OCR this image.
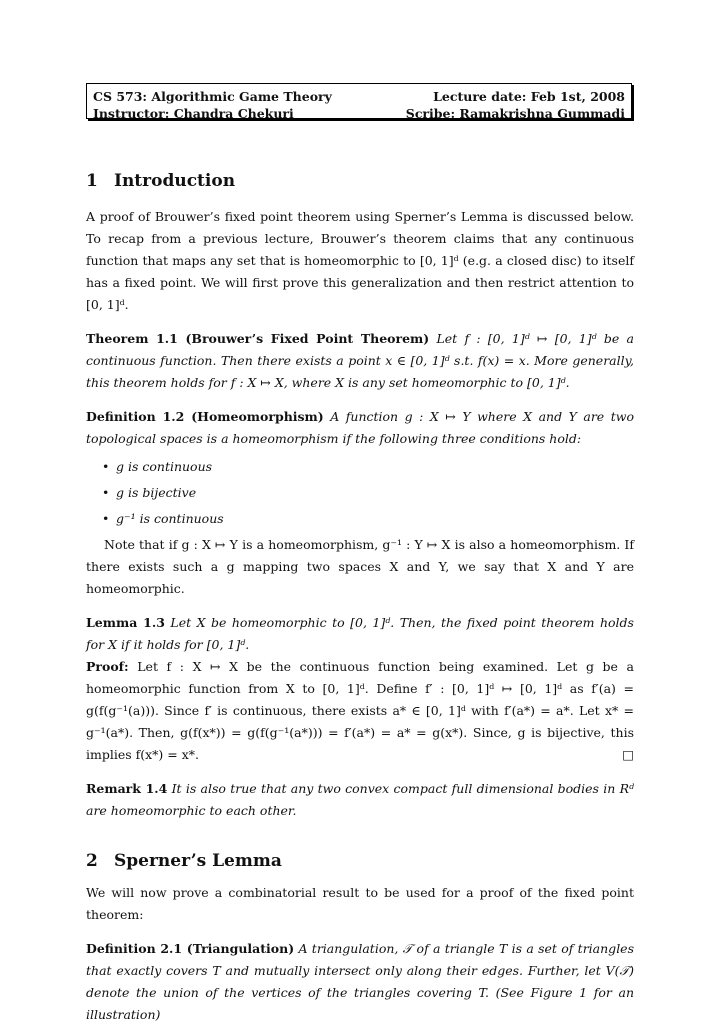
CS 573: Algorithmic Game Theory	Lecture date: Feb 1st, 2008
Instructor: Chandra Chekuri	Scribe: Ramakrishna Gummadi
1 Introduction

A proof of Brouwer’s fixed point theorem using Sperner’s Lemma is discussed below. To recap from a previous lecture, Brouwer’s theorem claims that any continuous function that maps any set that is homeomorphic to [0, 1]ᵈ (e.g. a closed disc) to itself has a fixed point. We will first prove this generalization and then restrict attention to [0, 1]ᵈ.

Theorem 1.1 (Brouwer’s Fixed Point Theorem) Let f : [0, 1]ᵈ ↦ [0, 1]ᵈ be a continuous function. Then there exists a point x ∈ [0, 1]ᵈ s.t. f(x) = x. More generally, this theorem holds for f : X ↦ X, where X is any set homeomorphic to [0, 1]ᵈ.

Definition 1.2 (Homeomorphism) A function g : X ↦ Y where X and Y are two topological spaces is a homeomorphism if the following three conditions hold:

• g is continuous
• g is bijective
• g⁻¹ is continuous

Note that if g : X ↦ Y is a homeomorphism, g⁻¹ : Y ↦ X is also a homeomorphism. If there exists such a g mapping two spaces X and Y, we say that X and Y are homeomorphic.

Lemma 1.3 Let X be homeomorphic to [0, 1]ᵈ. Then, the fixed point theorem holds for X if it holds for [0, 1]ᵈ.

Proof: Let f : X ↦ X be the continuous function being examined. Let g be a homeomorphic function from X to [0, 1]ᵈ. Define f′ : [0, 1]ᵈ ↦ [0, 1]ᵈ as f′(a) = g(f(g⁻¹(a))). Since f′ is continuous, there exists a* ∈ [0, 1]ᵈ with f′(a*) = a*. Let x* = g⁻¹(a*). Then, g(f(x*)) = g(f(g⁻¹(a*))) = f′(a*) = a* = g(x*). Since, g is bijective, this implies f(x*) = x*.	□

Remark 1.4 It is also true that any two convex compact full dimensional bodies in Rᵈ are homeomorphic to each other.

2 Sperner’s Lemma

We will now prove a combinatorial result to be used for a proof of the fixed point theorem:

Definition 2.1 (Triangulation) A triangulation, 𝒯 of a triangle T is a set of triangles that exactly covers T and mutually intersect only along their edges. Further, let V(𝒯) denote the union of the vertices of the triangles covering T. (See Figure 1 for an illustration)
